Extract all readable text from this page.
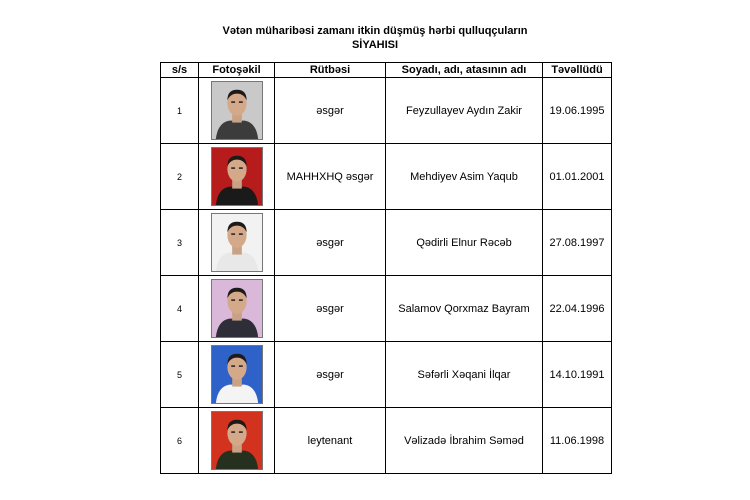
Vətən müharibəsi zamanı itkin düşmüş hərbi qulluqçuların
SİYAHISI
s/s	Fotoşəkil	Rütbəsi	Soyadı, adı, atasının adı	Təvəllüdü
1		əsgər	Feyzullayev Aydın Zakir	19.06.1995
2		MAHHXHQ əsgər	Mehdiyev Asim Yaqub	01.01.2001
3		əsgər	Qədirli Elnur Rəcəb	27.08.1997
4		əsgər	Salamov Qorxmaz Bayram	22.04.1996
5		əsgər	Səfərli Xəqani İlqar	14.10.1991
6		leytenant	Vəlizadə İbrahim Səməd	11.06.1998
